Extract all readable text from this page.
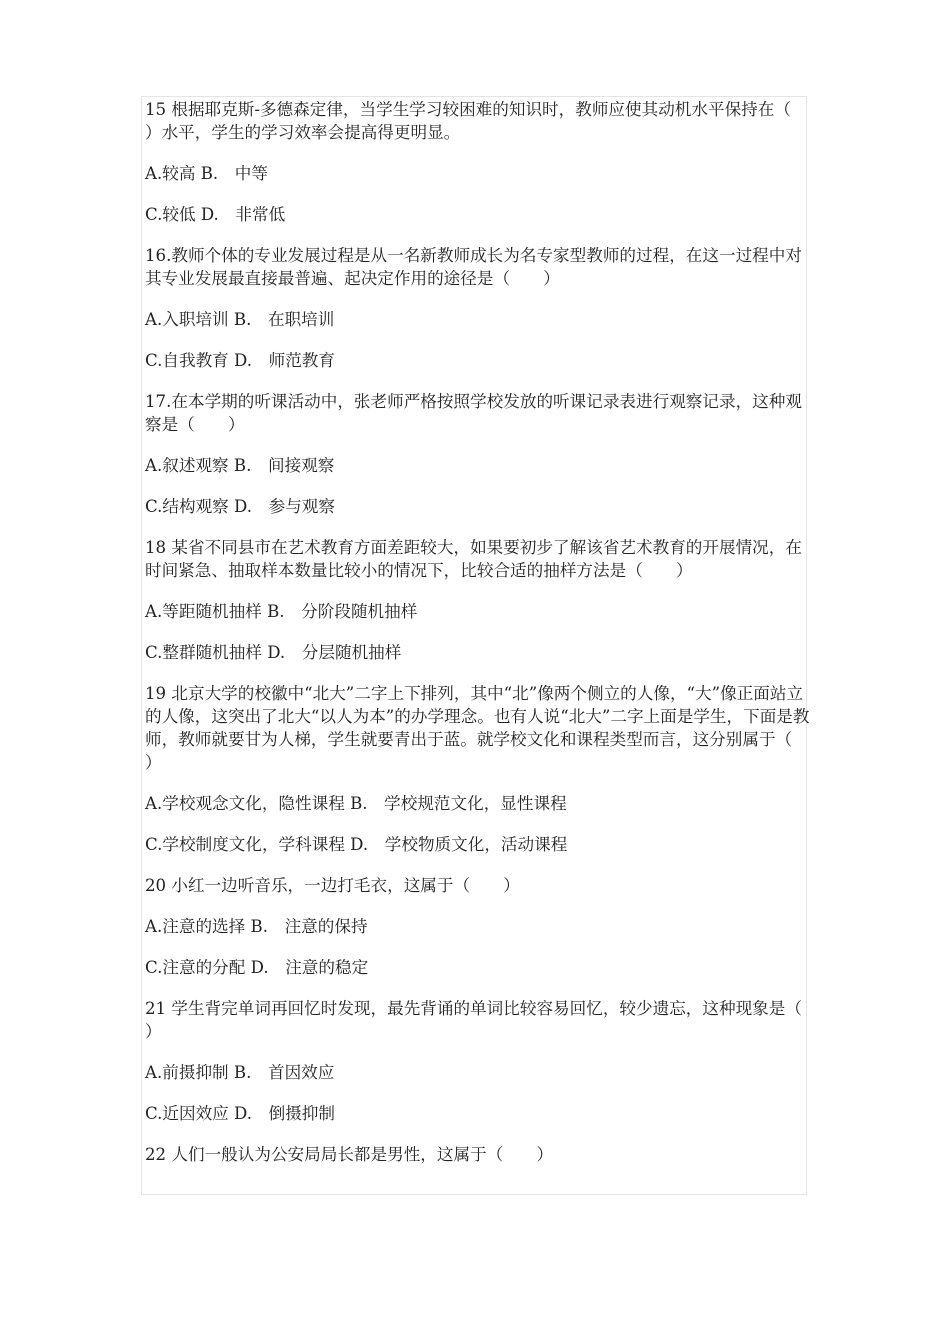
15 根据耶克斯-多德森定律，当学生学习较困难的知识时，教师应使其动机水平保持在（　　）水平，学生的学习效率会提高得更明显。

A.较高 B.　中等

C.较低 D.　非常低

16.教师个体的专业发展过程是从一名新教师成长为名专家型教师的过程，在这一过程中对其专业发展最直接最普遍、起决定作用的途径是（　　）

A.入职培训 B.　在职培训

C.自我教育 D.　师范教育

17.在本学期的听课活动中，张老师严格按照学校发放的听课记录表进行观察记录，这种观察是（　　）

A.叙述观察 B.　间接观察

C.结构观察 D.　参与观察

18 某省不同县市在艺术教育方面差距较大，如果要初步了解该省艺术教育的开展情况，在时间紧急、抽取样本数量比较小的情况下，比较合适的抽样方法是（　　）

A.等距随机抽样 B.　分阶段随机抽样

C.整群随机抽样 D.　分层随机抽样

19 北京大学的校徽中“北大”二字上下排列，其中“北”像两个侧立的人像，“大”像正面站立的人像，这突出了北大“以人为本”的办学理念。也有人说“北大”二字上面是学生，下面是教师，教师就要甘为人梯，学生就要青出于蓝。就学校文化和课程类型而言，这分别属于（　　）

A.学校观念文化，隐性课程 B.　学校规范文化，显性课程

C.学校制度文化，学科课程 D.　学校物质文化，活动课程

20 小红一边听音乐，一边打毛衣，这属于（　　）

A.注意的选择 B.　注意的保持

C.注意的分配 D.　注意的稳定

21 学生背完单词再回忆时发现，最先背诵的单词比较容易回忆，较少遗忘，这种现象是（　　）

A.前摄抑制 B.　首因效应

C.近因效应 D.　倒摄抑制

22 人们一般认为公安局局长都是男性，这属于（　　）
